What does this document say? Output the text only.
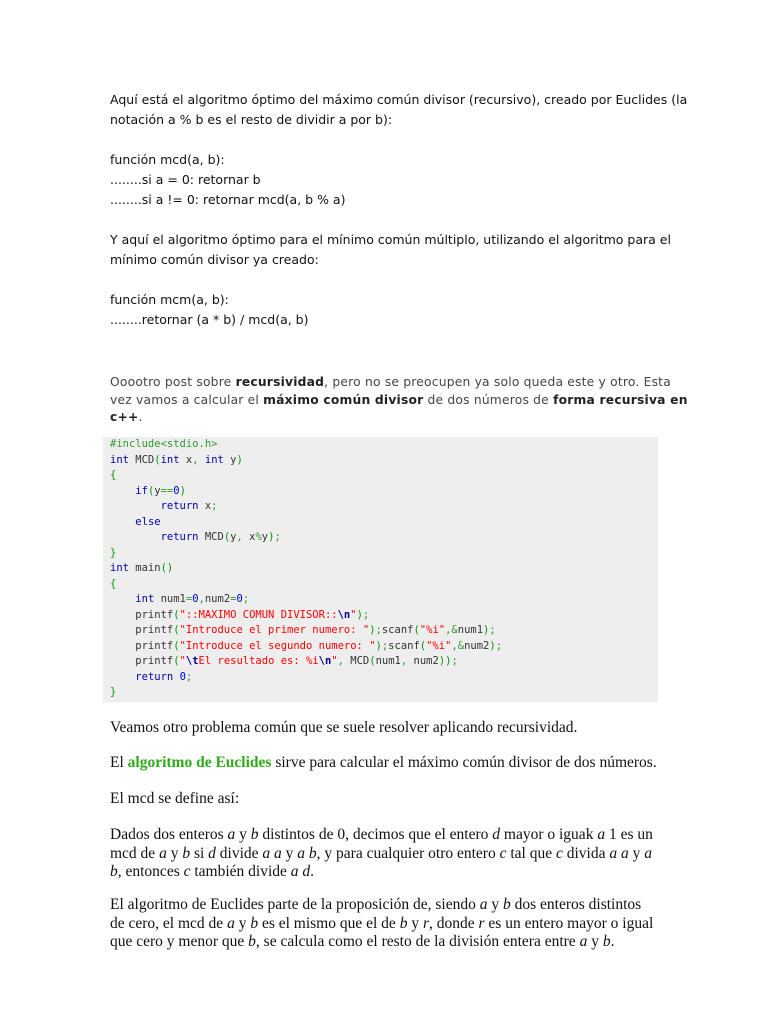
Aquí está el algoritmo óptimo del máximo común divisor (recursivo), creado por Euclides (la

notación a % b es el resto de dividir a por b):

función mcd(a, b):

........si a = 0: retornar b

........si a != 0: retornar mcd(a, b % a)

Y aquí el algoritmo óptimo para el mínimo común múltiplo, utilizando el algoritmo para el

mínimo común divisor ya creado:

función mcm(a, b):

........retornar (a * b) / mcd(a, b)

Ooootro post sobre recursividad, pero no se preocupen ya solo queda este y otro. Esta

vez vamos a calcular el máximo común divisor de dos números de forma recursiva en

c++.

#include<stdio.h>
int MCD(int x, int y)
{
if(y==0)
return x;
else
return MCD(y, x%y);
}
int main()
{
int num1=0,num2=0;
printf("::MAXIMO COMUN DIVISOR::\n");
printf("Introduce el primer numero: ");scanf("%i",&num1);
printf("Introduce el segundo numero: ");scanf("%i",&num2);
printf("\tEl resultado es: %i\n", MCD(num1, num2));
return 0;
}

Veamos otro problema común que se suele resolver aplicando recursividad.

El algoritmo de Euclides sirve para calcular el máximo común divisor de dos números.

El mcd se define así:

Dados dos enteros a y b distintos de 0, decimos que el entero d mayor o iguak a 1 es un

mcd de a y b si d divide a a y a b, y para cualquier otro entero c tal que c divida a a y a

b, entonces c también divide a d.

El algoritmo de Euclides parte de la proposición de, siendo a y b dos enteros distintos

de cero, el mcd de a y b es el mismo que el de b y r, donde r es un entero mayor o igual

que cero y menor que b, se calcula como el resto de la división entera entre a y b.
